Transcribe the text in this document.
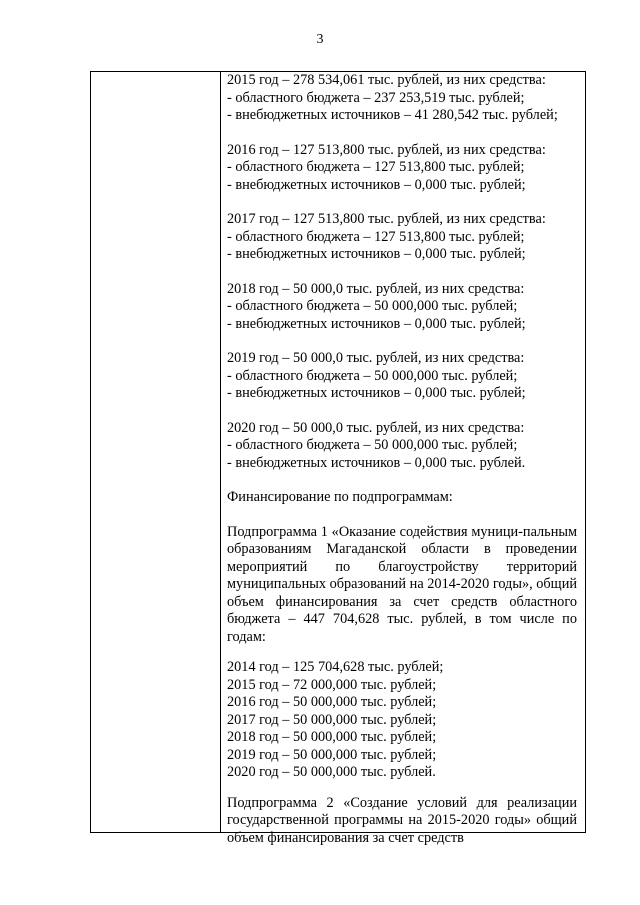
3
2015 год – 278 534,061 тыс. рублей, из них средства:
- областного бюджета – 237 253,519 тыс. рублей;
- внебюджетных источников – 41 280,542 тыс. рублей;
2016 год – 127 513,800 тыс. рублей, из них средства:
- областного бюджета – 127 513,800 тыс. рублей;
- внебюджетных источников – 0,000 тыс. рублей;
2017 год – 127 513,800 тыс. рублей, из них средства:
- областного бюджета – 127 513,800 тыс. рублей;
- внебюджетных источников – 0,000 тыс. рублей;
2018 год – 50 000,0 тыс. рублей, из них средства:
- областного бюджета – 50 000,000 тыс. рублей;
- внебюджетных источников – 0,000 тыс. рублей;
2019 год – 50 000,0 тыс. рублей, из них средства:
- областного бюджета – 50 000,000 тыс. рублей;
- внебюджетных источников – 0,000 тыс. рублей;
2020 год – 50 000,0 тыс. рублей, из них средства:
- областного бюджета – 50 000,000 тыс. рублей;
- внебюджетных источников – 0,000 тыс. рублей.
Финансирование по подпрограммам:
Подпрограмма 1 «Оказание содействия муници-пальным образованиям Магаданской области в проведении мероприятий по благоустройству территорий муниципальных образований на 2014-2020 годы», общий объем финансирования за счет средств областного бюджета – 447 704,628 тыс. рублей, в том числе по годам:
2014 год – 125 704,628 тыс. рублей;
2015 год – 72 000,000 тыс. рублей;
2016 год – 50 000,000 тыс. рублей;
2017 год – 50 000,000 тыс. рублей;
2018 год – 50 000,000 тыс. рублей;
2019 год – 50 000,000 тыс. рублей;
2020 год – 50 000,000 тыс. рублей.
Подпрограмма 2 «Создание условий для реализации государственной программы на 2015-2020 годы» общий объем финансирования за счет средств
